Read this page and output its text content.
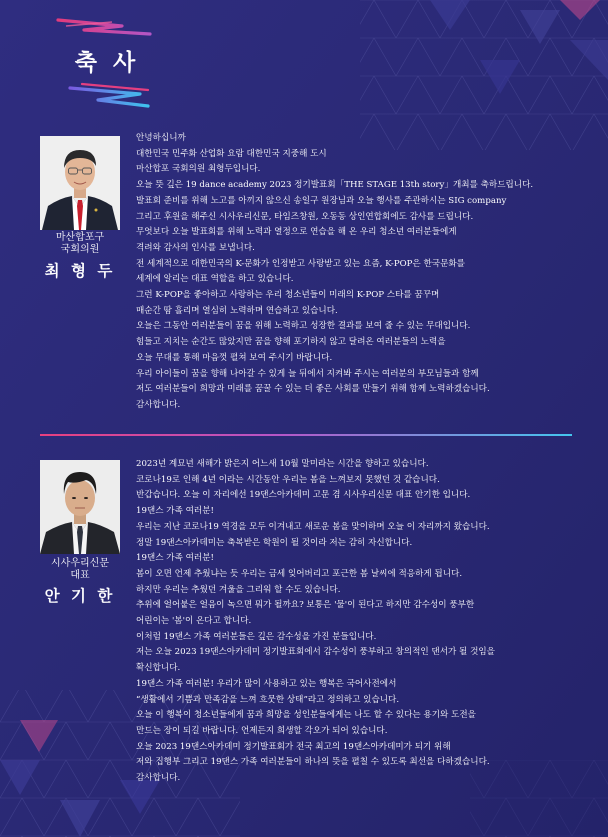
축 사
마산합포구
국회의원
최 형 두
안녕하십니까
대한민국 민주화 산업화 요람 대한민국 지중해 도시
마산합포 국회의원 최형두입니다.
오늘 뜻 깊은 19 dance academy 2023 정기발표회「THE STAGE 13th story」개최를 축하드립니다.
발표회 준비를 위해 노고를 아끼지 않으신 송일구 원장님과 오늘 행사를 주관하시는 SIG company
그리고 후원을 해주신 시사우리신문, 타임즈창원, 오동동 상인연합회에도 감사를 드립니다.
무엇보다 오늘 발표회를 위해 노력과 열정으로 연습을 해 온 우리 청소년 여러분들에게
격려와 감사의 인사를 보냅니다.
전 세계적으로 대한민국의 K-문화가 인정받고 사랑받고 있는 요즘, K-POP은 한국문화를
세계에 알리는 대표 역할을 하고 있습니다.
그런 K-POP을 좋아하고 사랑하는 우리 청소년들이 미래의 K-POP 스타를 꿈꾸며
매순간 땀 흘리며 열심히 노력하며 연습하고 있습니다.
오늘은 그동안 여러분들이 꿈을 위해 노력하고 성장한 결과를 보여 줄 수 있는 무대입니다.
힘들고 지치는 순간도 많았지만 꿈을 향해 포기하지 않고 달려온 여러분들의 노력을
오늘 무대를 통해 마음껏 펼쳐 보여 주시기 바랍니다.
우리 아이들이 꿈을 향해 나아갈 수 있게 늘 뒤에서 지켜봐 주시는 여러분의 부모님들과 함께
저도 여러분들이 희망과 미래를 꿈꿀 수 있는 더 좋은 사회를 만들기 위해 함께 노력하겠습니다.
감사합니다.
시사우리신문
대표
안 기 한
2023년 계묘년 새해가 밝은지 어느새 10월 말미라는 시간을 향하고 있습니다.
코로나19로 인해 4년 이라는 시간동안 우리는 봄을 느껴보지 못했던 것 같습니다.
반갑습니다. 오늘 이 자리에선 19댄스아카데미 고문 겸 시사우리신문 대표 안기한 입니다.
19댄스 가족 여러분!
우리는 지난 코로나19 역경을 모두 이겨내고 새로운 봄을 맞이하며 오늘 이 자리까지 왔습니다.
정말 19댄스아카데미는 축복받은 학원이 될 것이라 저는 감히 자신합니다.
19댄스 가족 여러분!
봄이 오면 언제 추웠냐는 듯 우리는 금세 잊어버리고 포근한 봄 날씨에 적응하게 됩니다.
하지만 우리는 추웠던 겨울을 그리워 할 수도 있습니다.
추위에 얼어붙은 얼음이 녹으면 뭐가 될까요? 보통은 '물'이 된다고 하지만 감수성이 풍부한
어린이는 '봄'이 온다고 합니다.
이처럼 19댄스 가족 여러분들은 깊은 감수성을 가진 분들입니다.
저는 오늘 2023 19댄스아카데미 정기발표회에서 감수성이 풍부하고 창의적인 댄서가 될 것임을
확신합니다.
19댄스 가족 여러분! 우리가 많이 사용하고 있는 행복은 국어사전에서
“생활에서 기쁨과 만족감을 느껴 흐뭇한 상태”라고 정의하고 있습니다.
오늘 이 행복이 청소년들에게 꿈과 희망을 성인분들에게는 나도 할 수 있다는 용기와 도전을
만드는 장이 되길 바랍니다. 언제든지 희생할 각오가 되어 있습니다.
오늘 2023 19댄스아카데미 정기발표회가 전국 최고의 19댄스아카데미가 되기 위해
저와 집행부 그리고 19댄스 가족 여러분들이 하나의 뜻을 펼칠 수 있도록 최선을 다하겠습니다.
감사합니다.
